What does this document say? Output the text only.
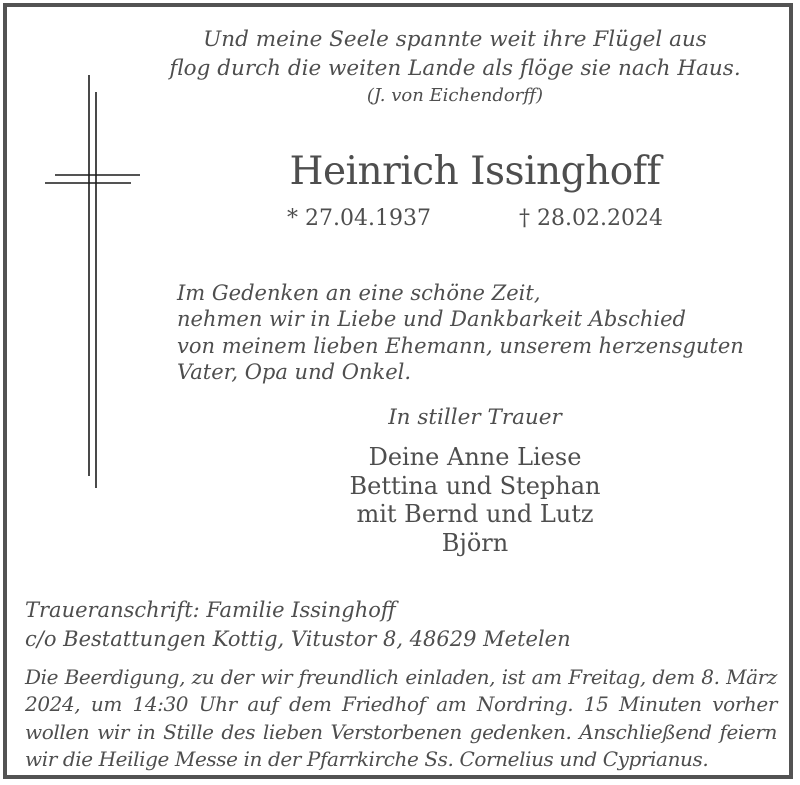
Und meine Seele spannte weit ihre Flügel aus
flog durch die weiten Lande als flöge sie nach Haus.
(J. von Eichendorff)
Heinrich Issinghoff
* 27.04.1937	† 28.02.2024
Im Gedenken an eine schöne Zeit,
nehmen wir in Liebe und Dankbarkeit Abschied
von meinem lieben Ehemann, unserem herzensguten
Vater, Opa und Onkel.
In stiller Trauer
Deine Anne Liese
Bettina und Stephan
mit Bernd und Lutz
Björn
Traueranschrift: Familie Issinghoff
c/o Bestattungen Kottig, Vitustor 8, 48629 Metelen
Die Beerdigung, zu der wir freundlich einladen, ist am Freitag, dem 8. März 2024, um 14:30 Uhr auf dem Friedhof am Nordring. 15 Minuten vorher wollen wir in Stille des lieben Verstorbenen gedenken. Anschließend feiern wir die Heilige Messe in der Pfarrkirche Ss. Cornelius und Cyprianus.
